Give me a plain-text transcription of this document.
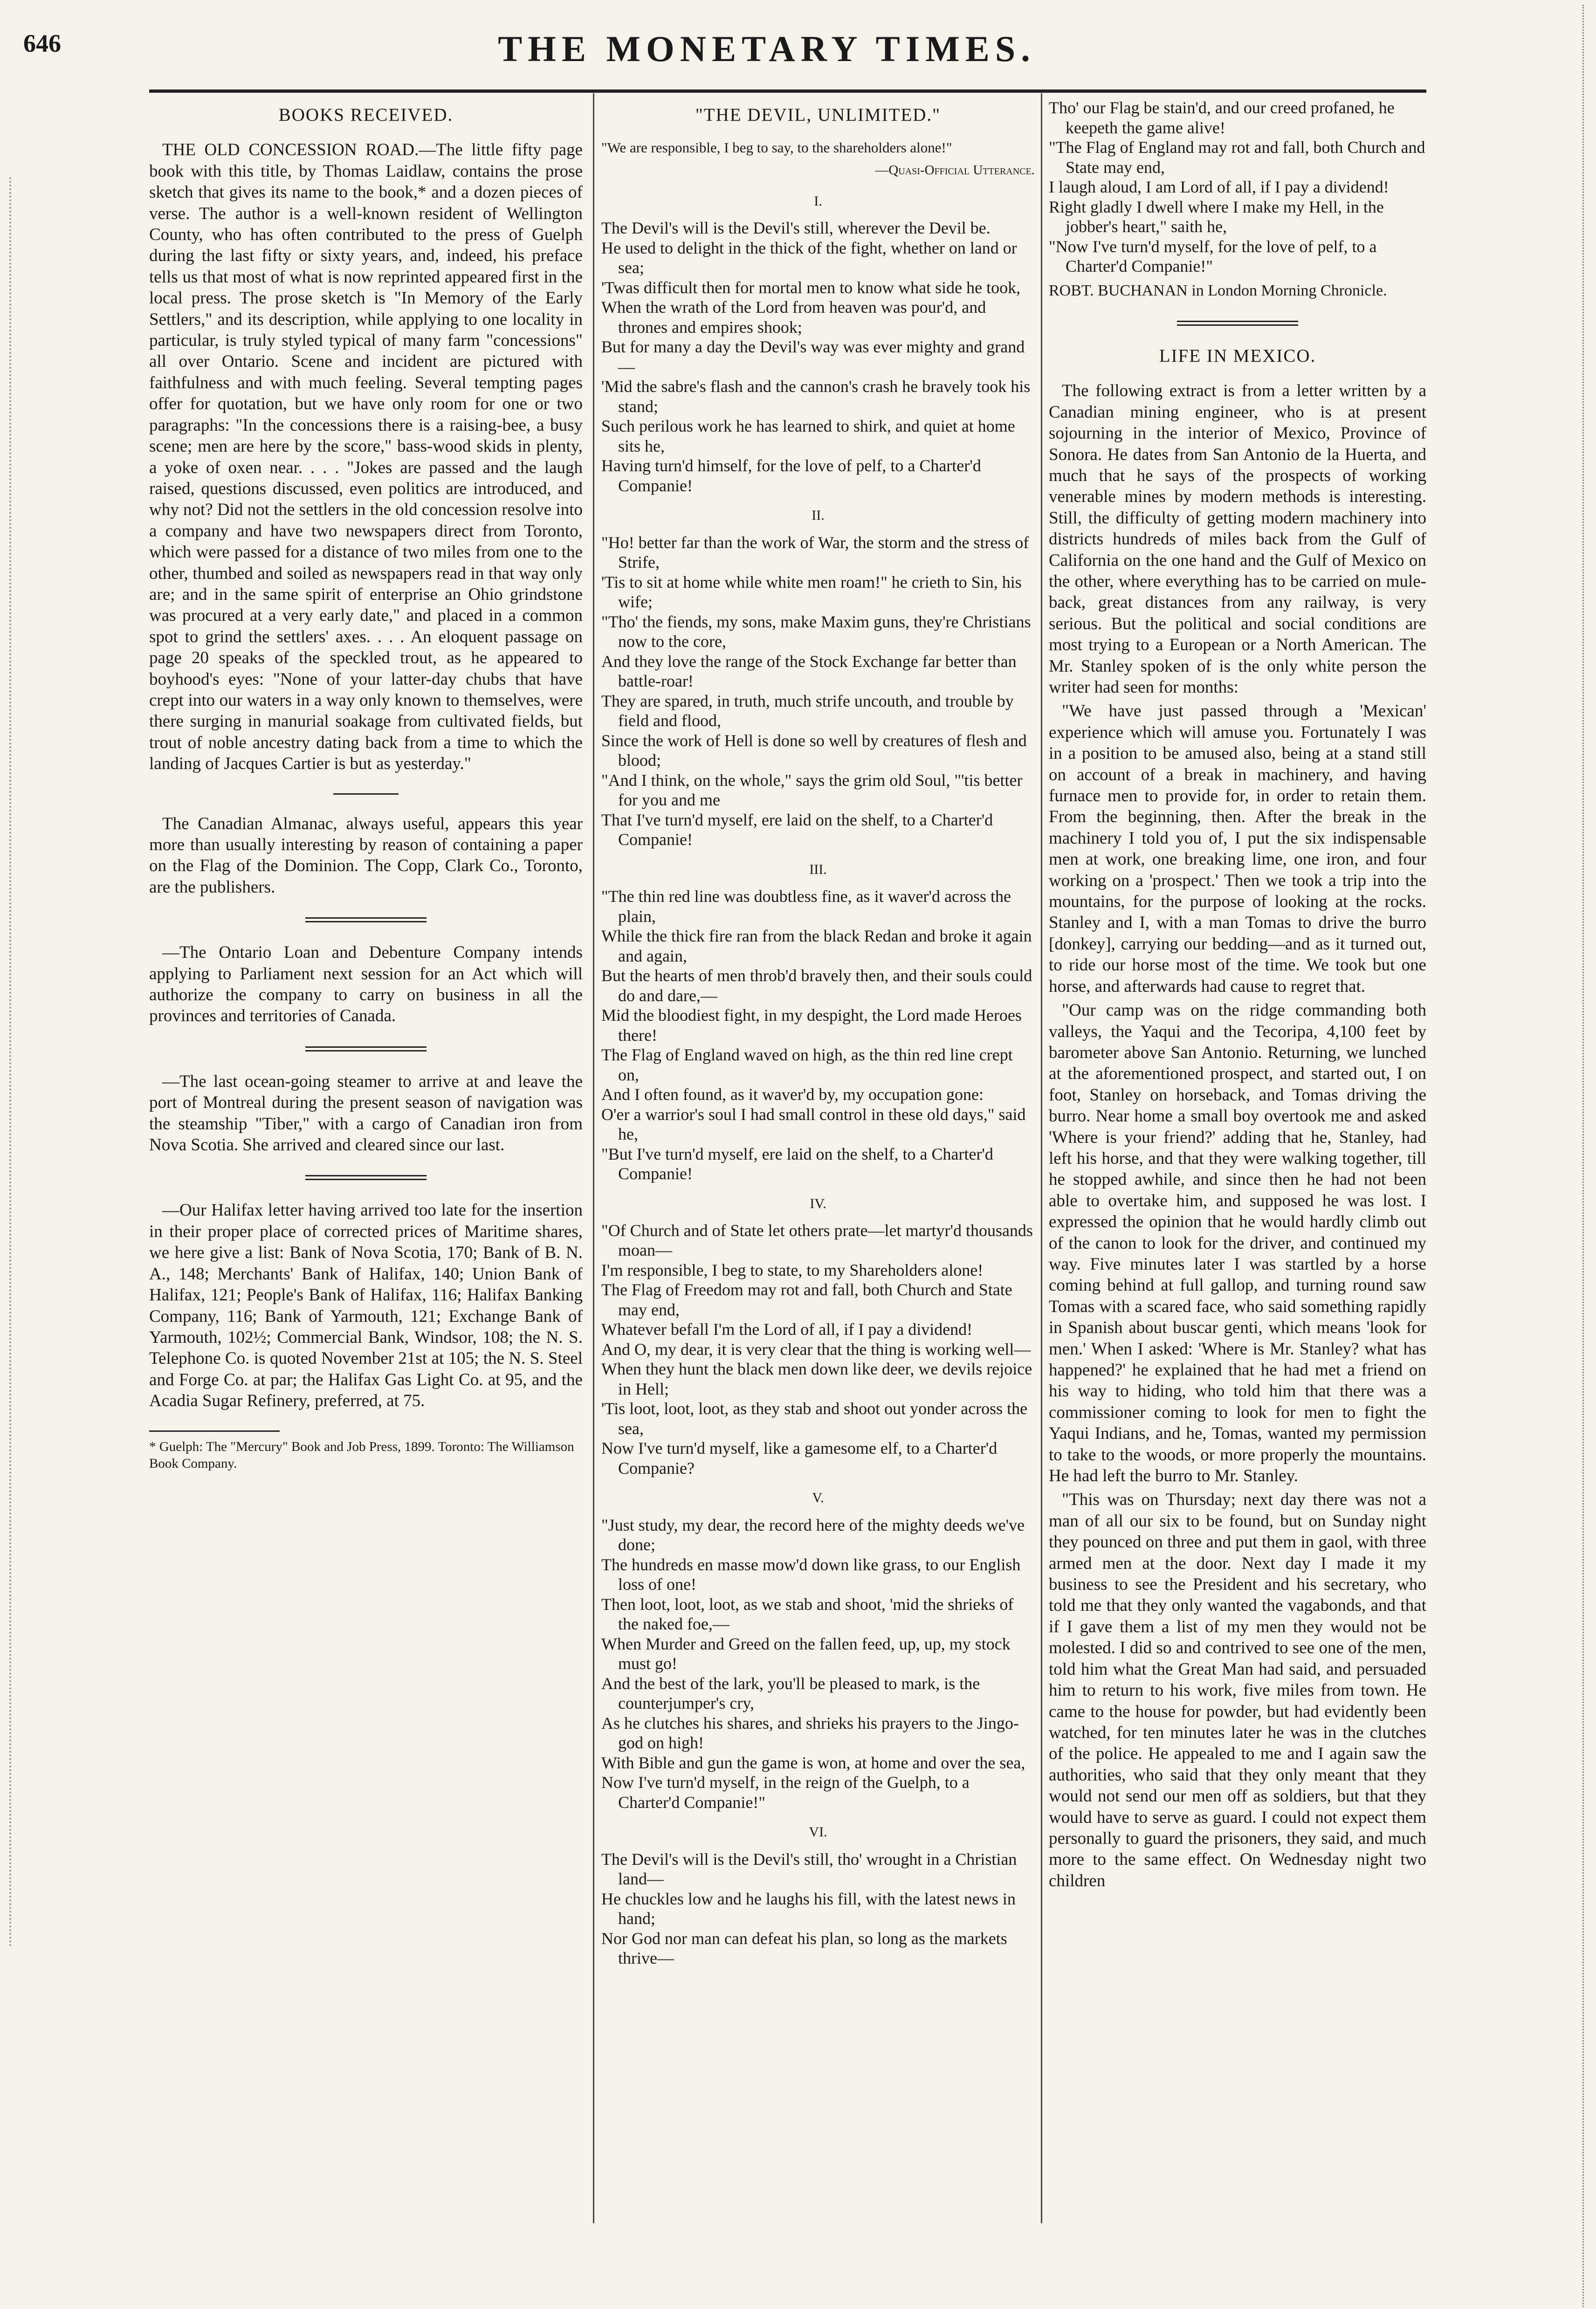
646	THE MONETARY TIMES.
BOOKS RECEIVED.

THE OLD CONCESSION ROAD.—The little fifty page book with this title, by Thomas Laidlaw, contains the prose sketch that gives its name to the book,* and a dozen pieces of verse. The author is a well-known resident of Wellington County, who has often contributed to the press of Guelph during the last fifty or sixty years, and, indeed, his preface tells us that most of what is now reprinted appeared first in the local press. The prose sketch is "In Memory of the Early Settlers," and its description, while applying to one locality in particular, is truly styled typical of many farm "concessions" all over Ontario. Scene and incident are pictured with faithfulness and with much feeling. Several tempting pages offer for quotation, but we have only room for one or two paragraphs: "In the concessions there is a raising-bee, a busy scene; men are here by the score," bass-wood skids in plenty, a yoke of oxen near. . . . "Jokes are passed and the laugh raised, questions discussed, even politics are introduced, and why not? Did not the settlers in the old concession resolve into a company and have two newspapers direct from Toronto, which were passed for a distance of two miles from one to the other, thumbed and soiled as newspapers read in that way only are; and in the same spirit of enterprise an Ohio grindstone was procured at a very early date," and placed in a common spot to grind the settlers' axes. . . . An eloquent passage on page 20 speaks of the speckled trout, as he appeared to boyhood's eyes: "None of your latter-day chubs that have crept into our waters in a way only known to themselves, were there surging in manurial soakage from cultivated fields, but trout of noble ancestry dating back from a time to which the landing of Jacques Cartier is but as yesterday."

The Canadian Almanac, always useful, appears this year more than usually interesting by reason of containing a paper on the Flag of the Dominion. The Copp, Clark Co., Toronto, are the publishers.

—The Ontario Loan and Debenture Company intends applying to Parliament next session for an Act which will authorize the company to carry on business in all the provinces and territories of Canada.

—The last ocean-going steamer to arrive at and leave the port of Montreal during the present season of navigation was the steamship "Tiber," with a cargo of Canadian iron from Nova Scotia. She arrived and cleared since our last.

—Our Halifax letter having arrived too late for the insertion in their proper place of corrected prices of Maritime shares, we here give a list: Bank of Nova Scotia, 170; Bank of B. N. A., 148; Merchants' Bank of Halifax, 140; Union Bank of Halifax, 121; People's Bank of Halifax, 116; Halifax Banking Company, 116; Bank of Yarmouth, 121; Exchange Bank of Yarmouth, 102½; Commercial Bank, Windsor, 108; the N. S. Telephone Co. is quoted November 21st at 105; the N. S. Steel and Forge Co. at par; the Halifax Gas Light Co. at 95, and the Acadia Sugar Refinery, preferred, at 75.

* Guelph: The "Mercury" Book and Job Press, 1899. Toronto: The Williamson Book Company.
"THE DEVIL, UNLIMITED."
"We are responsible, I beg to say, to the shareholders alone!"
—Quasi-Official Utterance.
I.
The Devil's will is the Devil's still, wherever the Devil be.
He used to delight in the thick of the fight, whether on land or sea;
'Twas difficult then for mortal men to know what side he took,
When the wrath of the Lord from heaven was pour'd, and thrones and empires shook;
But for many a day the Devil's way was ever mighty and grand—
'Mid the sabre's flash and the cannon's crash he bravely took his stand;
Such perilous work he has learned to shirk, and quiet at home sits he,
Having turn'd himself, for the love of pelf, to a Charter'd Companie!
II.
"Ho! better far than the work of War, the storm and the stress of Strife,
'Tis to sit at home while white men roam!" he crieth to Sin, his wife;
"Tho' the fiends, my sons, make Maxim guns, they're Christians now to the core,
And they love the range of the Stock Exchange far better than battle-roar!
They are spared, in truth, much strife uncouth, and trouble by field and flood,
Since the work of Hell is done so well by creatures of flesh and blood;
"And I think, on the whole," says the grim old Soul, "'tis better for you and me
That I've turn'd myself, ere laid on the shelf, to a Charter'd Companie!
III.
"The thin red line was doubtless fine, as it waver'd across the plain,
While the thick fire ran from the black Redan and broke it again and again,
But the hearts of men throb'd bravely then, and their souls could do and dare,—
Mid the bloodiest fight, in my despight, the Lord made Heroes there!
The Flag of England waved on high, as the thin red line crept on,
And I often found, as it waver'd by, my occupation gone:
O'er a warrior's soul I had small control in these old days," said he,
"But I've turn'd myself, ere laid on the shelf, to a Charter'd Companie!
IV.
"Of Church and of State let others prate—let martyr'd thousands moan—
I'm responsible, I beg to state, to my Shareholders alone!
The Flag of Freedom may rot and fall, both Church and State may end,
Whatever befall I'm the Lord of all, if I pay a dividend!
And O, my dear, it is very clear that the thing is working well—
When they hunt the black men down like deer, we devils rejoice in Hell;
'Tis loot, loot, loot, as they stab and shoot out yonder across the sea,
Now I've turn'd myself, like a gamesome elf, to a Charter'd Companie?
V.
"Just study, my dear, the record here of the mighty deeds we've done;
The hundreds en masse mow'd down like grass, to our English loss of one!
Then loot, loot, loot, as we stab and shoot, 'mid the shrieks of the naked foe,—
When Murder and Greed on the fallen feed, up, up, my stock must go!
And the best of the lark, you'll be pleased to mark, is the counterjumper's cry,
As he clutches his shares, and shrieks his prayers to the Jingo-god on high!
With Bible and gun the game is won, at home and over the sea,
Now I've turn'd myself, in the reign of the Guelph, to a Charter'd Companie!"
VI.
The Devil's will is the Devil's still, tho' wrought in a Christian land—
He chuckles low and he laughs his fill, with the latest news in hand;
Nor God nor man can defeat his plan, so long as the markets thrive—
Tho' our Flag be stain'd, and our creed profaned, he keepeth the game alive!
"The Flag of England may rot and fall, both Church and State may end,
I laugh aloud, I am Lord of all, if I pay a dividend!
Right gladly I dwell where I make my Hell, in the jobber's heart," saith he,
"Now I've turn'd myself, for the love of pelf, to a Charter'd Companie!"
ROBT. BUCHANAN in London Morning Chronicle.
LIFE IN MEXICO.

The following extract is from a letter written by a Canadian mining engineer, who is at present sojourning in the interior of Mexico, Province of Sonora. He dates from San Antonio de la Huerta, and much that he says of the prospects of working venerable mines by modern methods is interesting. Still, the difficulty of getting modern machinery into districts hundreds of miles back from the Gulf of California on the one hand and the Gulf of Mexico on the other, where everything has to be carried on mule-back, great distances from any railway, is very serious. But the political and social conditions are most trying to a European or a North American. The Mr. Stanley spoken of is the only white person the writer had seen for months:

"We have just passed through a 'Mexican' experience which will amuse you. Fortunately I was in a position to be amused also, being at a stand still on account of a break in machinery, and having furnace men to provide for, in order to retain them. From the beginning, then. After the break in the machinery I told you of, I put the six indispensable men at work, one breaking lime, one iron, and four working on a 'prospect.' Then we took a trip into the mountains, for the purpose of looking at the rocks. Stanley and I, with a man Tomas to drive the burro [donkey], carrying our bedding—and as it turned out, to ride our horse most of the time. We took but one horse, and afterwards had cause to regret that.

"Our camp was on the ridge commanding both valleys, the Yaqui and the Tecoripa, 4,100 feet by barometer above San Antonio. Returning, we lunched at the aforementioned prospect, and started out, I on foot, Stanley on horseback, and Tomas driving the burro. Near home a small boy overtook me and asked 'Where is your friend?' adding that he, Stanley, had left his horse, and that they were walking together, till he stopped awhile, and since then he had not been able to overtake him, and supposed he was lost. I expressed the opinion that he would hardly climb out of the canon to look for the driver, and continued my way. Five minutes later I was startled by a horse coming behind at full gallop, and turning round saw Tomas with a scared face, who said something rapidly in Spanish about buscar genti, which means 'look for men.' When I asked: 'Where is Mr. Stanley? what has happened?' he explained that he had met a friend on his way to hiding, who told him that there was a commissioner coming to look for men to fight the Yaqui Indians, and he, Tomas, wanted my permission to take to the woods, or more properly the mountains. He had left the burro to Mr. Stanley.

"This was on Thursday; next day there was not a man of all our six to be found, but on Sunday night they pounced on three and put them in gaol, with three armed men at the door. Next day I made it my business to see the President and his secretary, who told me that they only wanted the vagabonds, and that if I gave them a list of my men they would not be molested. I did so and contrived to see one of the men, told him what the Great Man had said, and persuaded him to return to his work, five miles from town. He came to the house for powder, but had evidently been watched, for ten minutes later he was in the clutches of the police. He appealed to me and I again saw the authorities, who said that they only meant that they would not send our men off as soldiers, but that they would have to serve as guard. I could not expect them personally to guard the prisoners, they said, and much more to the same effect. On Wednesday night two children
